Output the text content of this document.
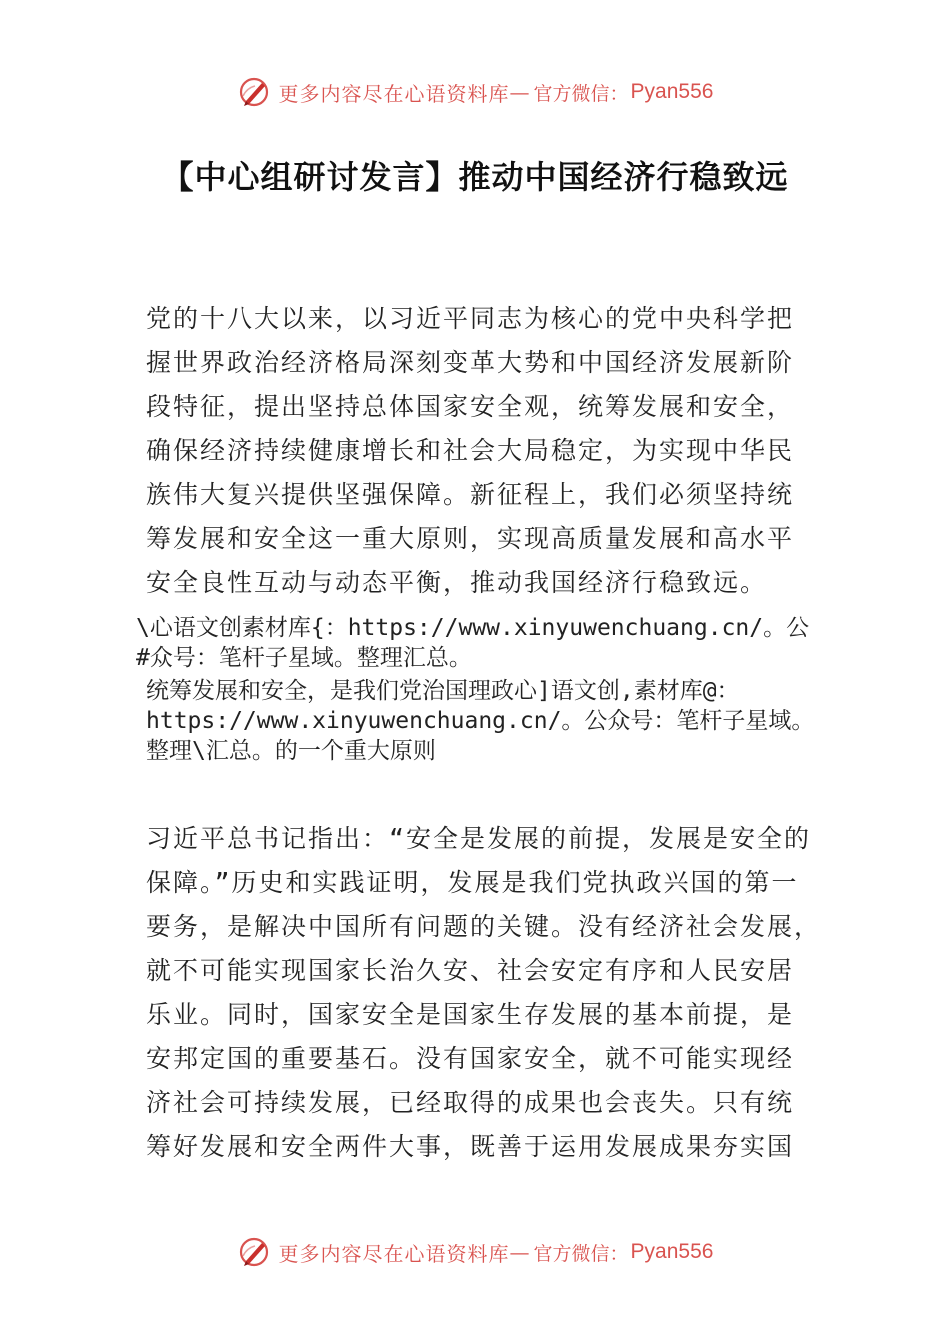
更多内容尽在心语资料库 — 官方微信： Pyan556
【中心组研讨发言】推动中国经济行稳致远
党的十八大以来，以习近平同志为核心的党中央科学把
握世界政治经济格局深刻变革大势和中国经济发展新阶
段特征，提出坚持总体国家安全观，统筹发展和安全，
确保经济持续健康增长和社会大局稳定，为实现中华民
族伟大复兴提供坚强保障。新征程上，我们必须坚持统
筹发展和安全这一重大原则，实现高质量发展和高水平
安全良性互动与动态平衡，推动我国经济行稳致远。
\心语文创素材库{：https://www.xinyuwenchuang.cn/。公
#众号：笔杆子星域。整理汇总。
统筹发展和安全，是我们党治国理政心]语文创,素材库@：
https://www.xinyuwenchuang.cn/。公众号：笔杆子星域。
整理\汇总。的一个重大原则
习近平总书记指出：“安全是发展的前提，发展是安全的
保障。”历史和实践证明，发展是我们党执政兴国的第一
要务，是解决中国所有问题的关键。没有经济社会发展，
就不可能实现国家长治久安、社会安定有序和人民安居
乐业。同时，国家安全是国家生存发展的基本前提，是
安邦定国的重要基石。没有国家安全，就不可能实现经
济社会可持续发展，已经取得的成果也会丧失。只有统
筹好发展和安全两件大事，既善于运用发展成果夯实国
更多内容尽在心语资料库 — 官方微信： Pyan556
